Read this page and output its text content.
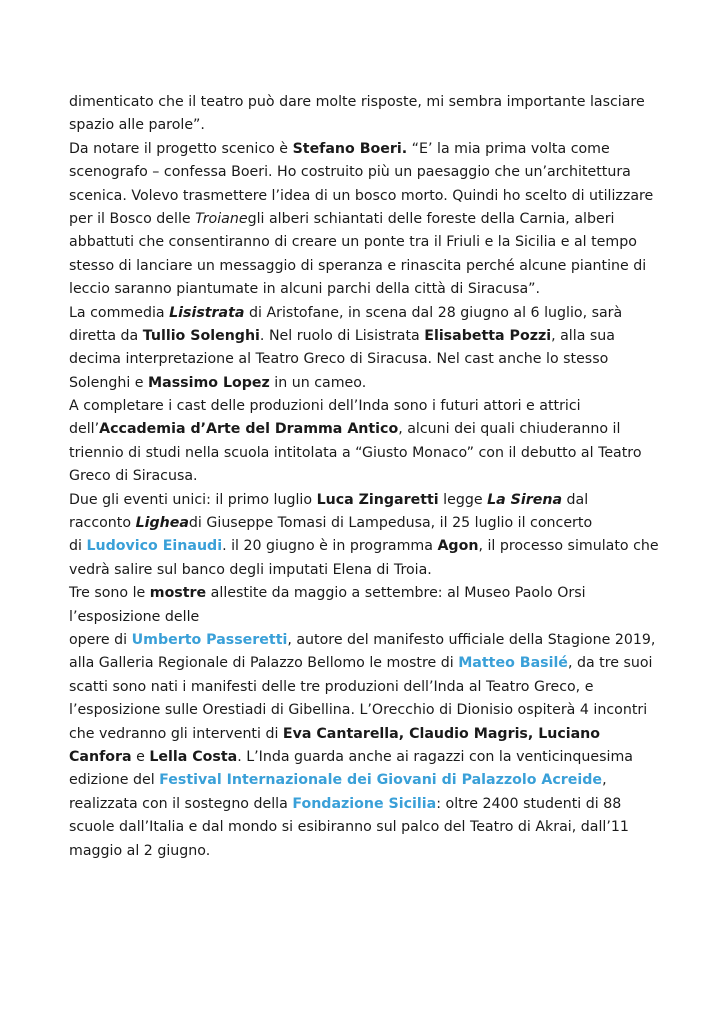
dimenticato che il teatro può dare molte risposte, mi sembra importante lasciare
spazio alle parole”.
Da notare il progetto scenico è Stefano Boeri. “E’ la mia prima volta come
scenografo – confessa Boeri. Ho costruito più un paesaggio che un’architettura
scenica. Volevo trasmettere l’idea di un bosco morto. Quindi ho scelto di utilizzare
per il Bosco delle Troianegli alberi schiantati delle foreste della Carnia, alberi
abbattuti che consentiranno di creare un ponte tra il Friuli e la Sicilia e al tempo
stesso di lanciare un messaggio di speranza e rinascita perché alcune piantine di
leccio saranno piantumate in alcuni parchi della città di Siracusa”.
La commedia Lisistrata di Aristofane, in scena dal 28 giugno al 6 luglio, sarà
diretta da Tullio Solenghi. Nel ruolo di Lisistrata Elisabetta Pozzi, alla sua
decima interpretazione al Teatro Greco di Siracusa. Nel cast anche lo stesso
Solenghi e Massimo Lopez in un cameo.
A completare i cast delle produzioni dell’Inda sono i futuri attori e attrici
dell’Accademia d’Arte del Dramma Antico, alcuni dei quali chiuderanno il
triennio di studi nella scuola intitolata a “Giusto Monaco” con il debutto al Teatro
Greco di Siracusa.
Due gli eventi unici: il primo luglio Luca Zingaretti legge La Sirena dal
racconto Ligheadi Giuseppe Tomasi di Lampedusa, il 25 luglio il concerto
di Ludovico Einaudi. il 20 giugno è in programma Agon, il processo simulato che
vedrà salire sul banco degli imputati Elena di Troia.
Tre sono le mostre allestite da maggio a settembre: al Museo Paolo Orsi
l’esposizione delle
opere di Umberto Passeretti, autore del manifesto ufficiale della Stagione 2019,
alla Galleria Regionale di Palazzo Bellomo le mostre di Matteo Basilé, da tre suoi
scatti sono nati i manifesti delle tre produzioni dell’Inda al Teatro Greco, e
l’esposizione sulle Orestiadi di Gibellina. L’Orecchio di Dionisio ospiterà 4 incontri
che vedranno gli interventi di Eva Cantarella, Claudio Magris, Luciano
Canfora e Lella Costa. L’Inda guarda anche ai ragazzi con la venticinquesima
edizione del Festival Internazionale dei Giovani di Palazzolo Acreide,
realizzata con il sostegno della Fondazione Sicilia: oltre 2400 studenti di 88
scuole dall’Italia e dal mondo si esibiranno sul palco del Teatro di Akrai, dall’11
maggio al 2 giugno.
